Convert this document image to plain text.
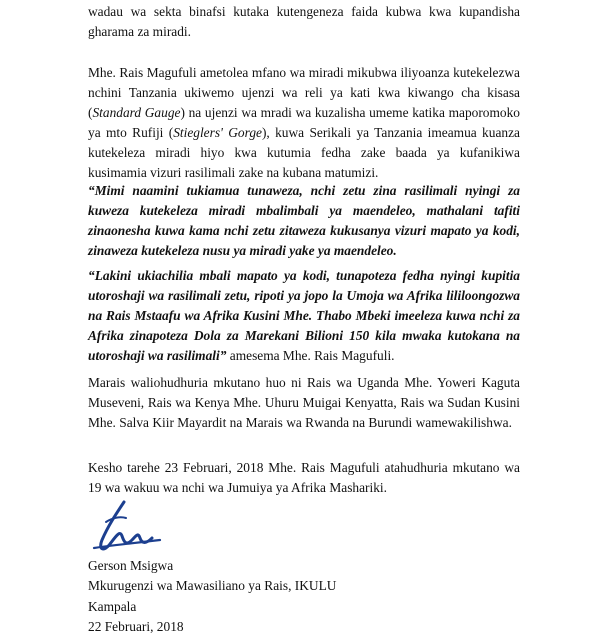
wadau wa sekta binafsi kutaka kutengeneza faida kubwa kwa kupandisha gharama za miradi.

Mhe. Rais Magufuli ametolea mfano wa miradi mikubwa iliyoanza kutekelezwa nchini Tanzania ukiwemo ujenzi wa reli ya kati kwa kiwango cha kisasa (Standard Gauge) na ujenzi wa mradi wa kuzalisha umeme katika maporomoko ya mto Rufiji (Stieglers' Gorge), kuwa Serikali ya Tanzania imeamua kuanza kutekeleza miradi hiyo kwa kutumia fedha zake baada ya kufanikiwa kusimamia vizuri rasilimali zake na kubana matumizi.

“Mimi naamini tukiamua tunaweza, nchi zetu zina rasilimali nyingi za kuweza kutekeleza miradi mbalimbali ya maendeleo, mathalani tafiti zinaonesha kuwa kama nchi zetu zitaweza kukusanya vizuri mapato ya kodi, zinaweza kutekeleza nusu ya miradi yake ya maendeleo.

“Lakini ukiachilia mbali mapato ya kodi, tunapoteza fedha nyingi kupitia utoroshaji wa rasilimali zetu, ripoti ya jopo la Umoja wa Afrika lililoongozwa na Rais Mstaafu wa Afrika Kusini Mhe. Thabo Mbeki imeeleza kuwa nchi za Afrika zinapoteza Dola za Marekani Bilioni 150 kila mwaka kutokana na utoroshaji wa rasilimali” amesema Mhe. Rais Magufuli.

Marais waliohudhuria mkutano huo ni Rais wa Uganda Mhe. Yoweri Kaguta Museveni, Rais wa Kenya Mhe. Uhuru Muigai Kenyatta, Rais wa Sudan Kusini Mhe. Salva Kiir Mayardit na Marais wa Rwanda na Burundi wamewakilishwa.

Kesho tarehe 23 Februari, 2018 Mhe. Rais Magufuli atahudhuria mkutano wa 19 wa wakuu wa nchi wa Jumuiya ya Afrika Mashariki.

Gerson Msigwa

Mkurugenzi wa Mawasiliano ya Rais, IKULU

Kampala

22 Februari, 2018
